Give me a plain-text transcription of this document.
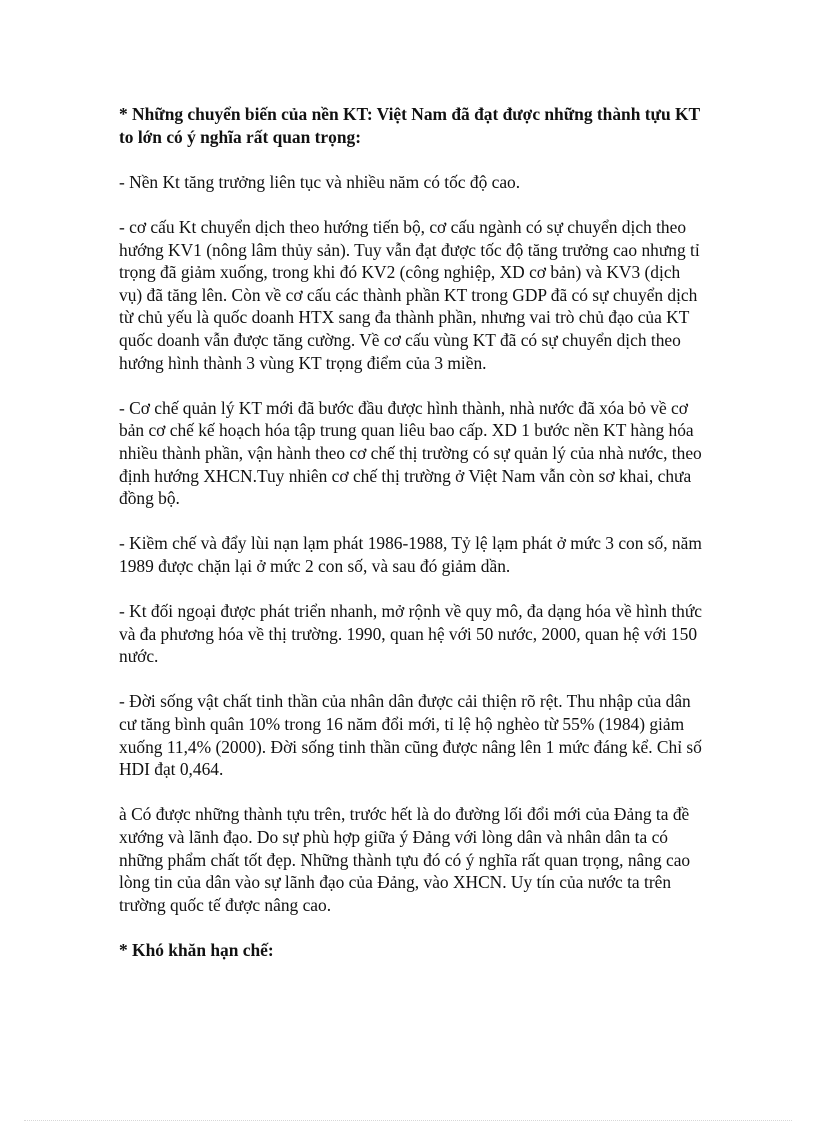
* Những chuyển biến của nền KT: Việt Nam đã đạt được những thành tựu KT to lớn có ý nghĩa rất quan trọng:

- Nền Kt tăng trưởng liên tục và nhiều năm có tốc độ cao.

- cơ cấu Kt chuyển dịch theo hướng tiến bộ, cơ cấu ngành có sự chuyển dịch theo hướng KV1 (nông lâm thủy sản). Tuy vẫn đạt được tốc độ tăng trưởng cao nhưng tỉ trọng đã giảm xuống, trong khi đó KV2 (công nghiệp, XD cơ bản) và KV3 (dịch vụ) đã tăng lên. Còn về cơ cấu các thành phần KT trong GDP đã có sự chuyển dịch từ chủ yếu là quốc doanh HTX sang đa thành phần, nhưng vai trò chủ đạo của KT quốc doanh vẫn được tăng cường. Về cơ cấu vùng KT đã có sự chuyển dịch theo hướng hình thành 3 vùng KT trọng điểm của 3 miền.

- Cơ chế quản lý KT mới đã bước đầu được hình thành, nhà nước đã xóa bỏ về cơ bản cơ chế kế hoạch hóa tập trung quan liêu bao cấp. XD 1 bước nền KT hàng hóa nhiều thành phần, vận hành theo cơ chế thị trường có sự quản lý của nhà nước, theo định hướng XHCN.Tuy nhiên cơ chế thị trường ở Việt Nam vẫn còn sơ khai, chưa đồng bộ.

- Kiềm chế và đẩy lùi nạn lạm phát 1986-1988, Tỷ lệ lạm phát ở mức 3 con số, năm 1989 được chặn lại ở mức 2 con số, và sau đó giảm dần.

- Kt đối ngoại được phát triển nhanh, mở rộnh về quy mô, đa dạng hóa về hình thức và đa phương hóa về thị trường. 1990, quan hệ với 50 nước, 2000, quan hệ với 150 nước.

- Đời sống vật chất tinh thần của nhân dân được cải thiện rõ rệt. Thu nhập của dân cư tăng bình quân 10% trong 16 năm đổi mới, tỉ lệ hộ nghèo từ 55% (1984) giảm xuống 11,4% (2000). Đời sống tinh thần cũng được nâng lên 1 mức đáng kể. Chỉ số HDI đạt 0,464.

à Có được những thành tựu trên, trước hết là do đường lối đổi mới của Đảng ta đề xướng và lãnh đạo. Do sự phù hợp giữa ý Đảng với lòng dân và nhân dân ta có những phẩm chất tốt đẹp. Những thành tựu đó có ý nghĩa rất quan trọng, nâng cao lòng tin của dân vào sự lãnh đạo của Đảng, vào XHCN. Uy tín của nước ta trên trường quốc tế được nâng cao.

* Khó khăn hạn chế:
